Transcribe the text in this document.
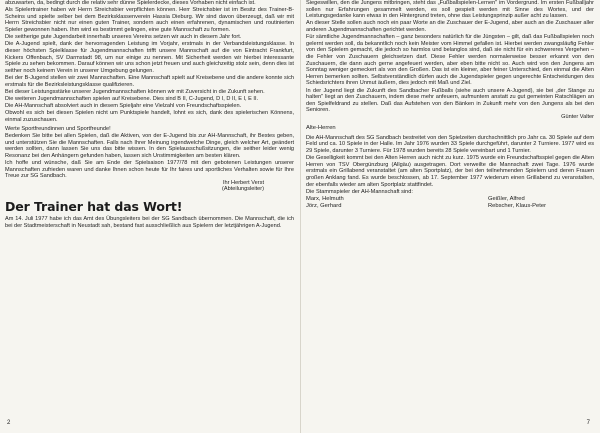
abzuwarten, da, bedingt durch die relativ sehr dünne Spielerdecke, dieses Vorhaben nicht einfach ist.

Als Spielertrainer haben wir Herrn Streichsbier verpflichten können. Herr Streichsbier ist im Besitz des Trainer-B-Scheins und spielte selber bei dem Bezirksklassenverein Hassia Dieburg. Wir sind davon überzeugt, daß wir mit Herrn Streichsbier nicht nur einen guten Trainer, sondern auch einen erfahrenen, dynamischen und routinierten Spieler gewonnen haben. Ihm wird es bestimmt gelingen, eine gute Mannschaft zu formen.

Die seitherige gute Jugendarbeit innerhalb unseres Vereins setzen wir auch in diesem Jahr fort.

Die A-Jugend spielt, dank der hervorragenden Leistung im Vorjahr, erstmals in der Verbandsleistungsklasse. In dieser höchsten Spielklasse für Jugendmannschaften trifft unsere Mannschaft auf die von Eintracht Frankfurt, Kickers Offenbach, SV Darmstadt 98, um nur einige zu nennen. Mit Sicherheit werden wir hierbei interessante Spiele zu sehen bekommen. Darauf können wir uns schon jetzt freuen und auch gleichzeitig stolz sein, denn dies ist seither noch keinem Verein in unserer Umgebung gelungen.

Bei der B-Jugend stellen wir zwei Mannschaften. Eine Mannschaft spielt auf Kreisebene und die andere konnte sich erstmals für die Bezirksleistungsklasse qualifizieren.

Bei dieser Leistungsstärke unserer Jugendmannschaften können wir mit Zuversicht in die Zukunft sehen.

Die weiteren Jugendmannschaften spielen auf Kreisebene. Dies sind B II, C-Jugend, D I, D II, E I, E II.

Die AH-Mannschaft absolviert auch in diesem Spieljahr eine Vielzahl von Freundschaftsspielen.

Obwohl es sich bei diesen Spielen nicht um Punktspiele handelt, lohnt es sich, dank des spielerischen Könnens, einmal zuzuschauen.

Werte Sportfreundinnen und Sportfreunde!

Bedenken Sie bitte bei allen Spielen, daß die Aktiven, von der E-Jugend bis zur AH-Mannschaft, ihr Bestes geben, und unterstützen Sie die Mannschaften. Falls nach Ihrer Meinung irgendwelche Dinge, gleich welcher Art, geändert werden sollten, dann lassen Sie uns das bitte wissen. In den Spielausschußsitzungen, die seither leider wenig Resonanz bei den Anhängern gefunden haben, lassen sich Unstimmigkeiten am besten klären.

Ich hoffe und wünsche, daß Sie am Ende der Spielsaison 1977/78 mit den gebotenen Leistungen unserer Mannschaften zufrieden waren und danke Ihnen schon heute für Ihr faires und sportliches Verhalten sowie für Ihre Treue zur SG Sandbach.

Ihr Herbert Verst
(Abteilungsleiter)
Der Trainer hat das Wort!

Am 14. Juli 1977 habe ich das Amt des Übungsleiters bei der SG Sandbach übernommen. Die Mannschaft, die ich bei der Stadtmeisterschaft in Neustadt sah, bestand fast ausschließlich aus Spielern der letztjährigen A-Jugend.

2

Siegeswillen, den die Jungens mitbringen, steht das „Fußballspielen-Lernen" im Vordergrund. Im ersten Fußballjahr sollen nur Erfahrungen gesammelt werden, es soll gespielt werden mit Sinne des Wortes, und der Leistungsgedanke kann etwas in den Hintergrund treten, ohne das Leistungsprinzip außer acht zu lassen.

An dieser Stelle sollen auch noch ein paar Worte an die Zuschauer der E-Jugend, aber auch an die Zuschauer aller anderen Jugendmannschaften gerichtet werden.

Für sämtliche Jugendmannschaften – ganz besonders natürlich für die Jüngsten – gilt, daß das Fußballspielen noch gelernt werden soll, da bekanntlich noch kein Meister vom Himmel gefallen ist. Hierbei werden zwangsläufig Fehler von den Spielern gemacht, die jedoch so harmlos und belanglos sind, daß sie nicht für ein schwereres Vergehen – die Fehler von Zuschauern gleichsetzen darf. Diese Fehler werden normalerweise besser erkannt von den Zuschauern, die dann auch gerne angefeuert werden, aber eben bitte nicht so. Auch wird von den Jungens am Sonntag weniger gemeckert als von den Großen. Das ist ein kleiner, aber feiner Unterschied, den einmal die Alten Herren bemerken sollten. Selbstverständlich dürfen auch die Jugendspieler gegen ungerechte Entscheidungen des Schiedsrichters ihren Unmut äußern, dies jedoch mit Maß und Ziel.

In der Jugend liegt die Zukunft des Sandbacher Fußballs (siehe auch unsere A-Jugend), sie bei „der Stange zu halten" liegt an den Zuschauern, indem diese mehr anfeuern, aufmuntern anstatt zu gut gemeinten Ratschlägen an den Spielfeldrand zu stellen. Daß das Aufstehen von den Bänken in Zukunft mehr von den Jungens als bei den Senioren.

Günter Valter

Alte-Herren

Die AH-Mannschaft des SG Sandbach bestreitet von den Spielzeiten durchschnittlich pro Jahr ca. 30 Spiele auf dem Feld und ca. 10 Spiele in der Halle. Im Jahr 1976 wurden 33 Spiele durchgeführt, darunter 2 Turniere. 1977 wird es 29 Spiele, darunter 3 Turniere. Für 1978 wurden bereits 28 Spiele vereinbart und 1 Turnier.

Die Geselligkeit kommt bei den Alten Herren auch nicht zu kurz. 1975 wurde ein Freundschaftsspiel gegen die Alten Herren von TSV Obergünzburg (Allgäu) ausgetragen. Dort verweilte die Mannschaft zwei Tage. 1976 wurde erstmals ein Grillabend veranstaltet (am alten Sportplatz), der bei den teilnehmenden Spielern und deren Frauen großen Anklang fand. Es wurde beschlossen, ab 17. September 1977 wiederum einen Grillabend zu veranstalten, der ebenfalls wieder am alten Sportplatz stattfindet.

Die Stammspieler der AH-Mannschaft sind:

Marx, Helmuth	Geißler, Alfred
Jörz, Gerhard	Rebscher, Klaus-Peter
7
